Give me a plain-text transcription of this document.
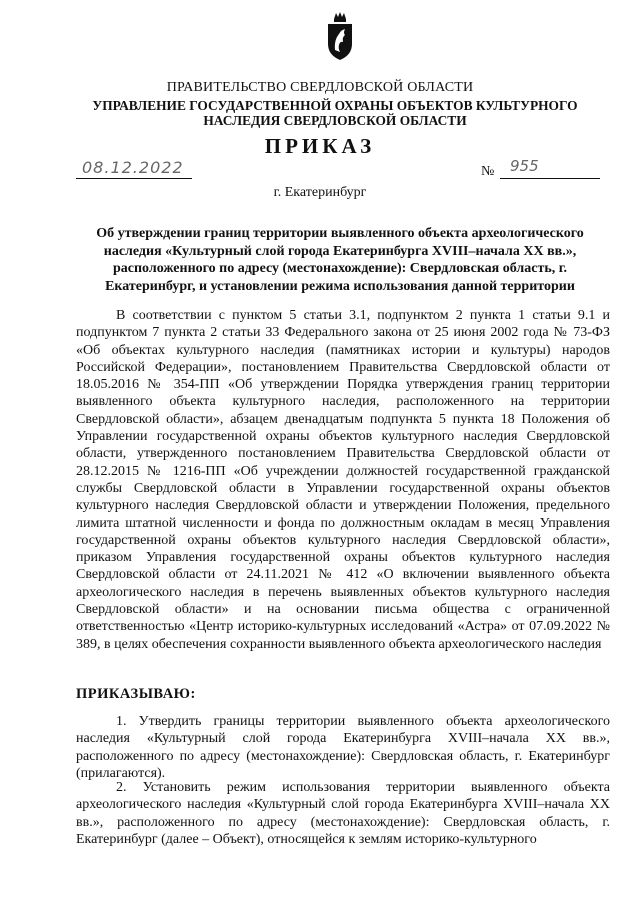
ПРАВИТЕЛЬСТВО СВЕРДЛОВСКОЙ ОБЛАСТИ
УПРАВЛЕНИЕ ГОСУДАРСТВЕННОЙ ОХРАНЫ ОБЪЕКТОВ КУЛЬТУРНОГО НАСЛЕДИЯ СВЕРДЛОВСКОЙ ОБЛАСТИ
ПРИКАЗ
08.12.2022	№ 955
г. Екатеринбург
Об утверждении границ территории выявленного объекта археологического наследия «Культурный слой города Екатеринбурга XVIII–начала XX вв.», расположенного по адресу (местонахождение): Свердловская область, г. Екатеринбург, и установлении режима использования данной территории
В соответствии с пунктом 5 статьи 3.1, подпунктом 2 пункта 1 статьи 9.1 и подпунктом 7 пункта 2 статьи 33 Федерального закона от 25 июня 2002 года № 73-ФЗ «Об объектах культурного наследия (памятниках истории и культуры) народов Российской Федерации», постановлением Правительства Свердловской области от 18.05.2016 № 354-ПП «Об утверждении Порядка утверждения границ территории выявленного объекта культурного наследия, расположенного на территории Свердловской области», абзацем двенадцатым подпункта 5 пункта 18 Положения об Управлении государственной охраны объектов культурного наследия Свердловской области, утвержденного постановлением Правительства Свердловской области от 28.12.2015 № 1216-ПП «Об учреждении должностей государственной гражданской службы Свердловской области в Управлении государственной охраны объектов культурного наследия Свердловской области и утверждении Положения, предельного лимита штатной численности и фонда по должностным окладам в месяц Управления государственной охраны объектов культурного наследия Свердловской области», приказом Управления государственной охраны объектов культурного наследия Свердловской области от 24.11.2021 № 412 «О включении выявленного объекта археологического наследия в перечень выявленных объектов культурного наследия Свердловской области» и на основании письма общества с ограниченной ответственностью «Центр историко-культурных исследований «Астра» от 07.09.2022 № 389, в целях обеспечения сохранности выявленного объекта археологического наследия
ПРИКАЗЫВАЮ:
1. Утвердить границы территории выявленного объекта археологического наследия «Культурный слой города Екатеринбурга XVIII–начала XX вв.», расположенного по адресу (местонахождение): Свердловская область, г. Екатеринбург (прилагаются).
2. Установить режим использования территории выявленного объекта археологического наследия «Культурный слой города Екатеринбурга XVIII–начала XX вв.», расположенного по адресу (местонахождение): Свердловская область, г. Екатеринбург (далее – Объект), относящейся к землям историко-культурного
